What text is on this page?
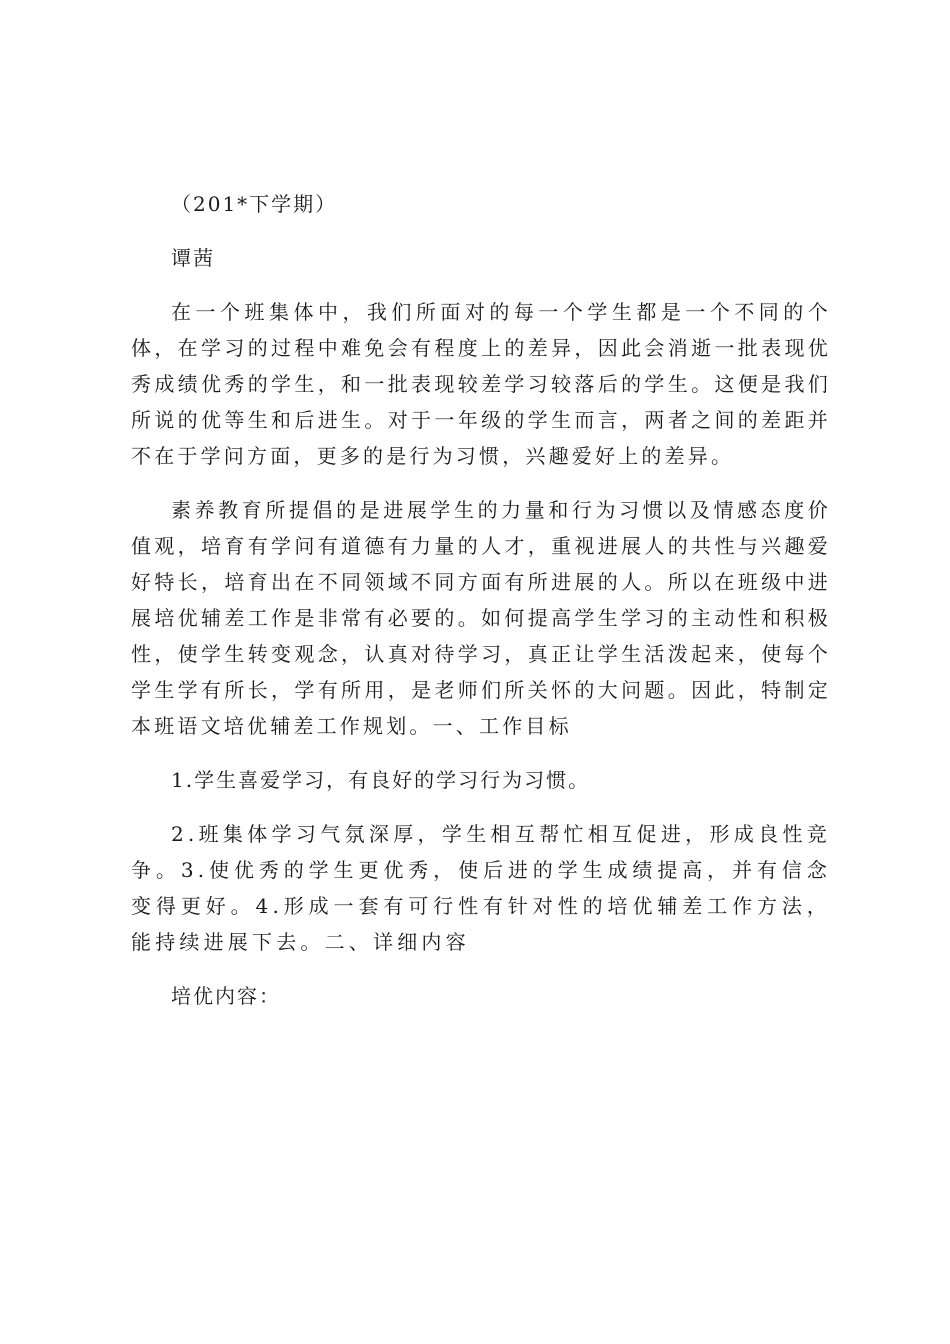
（201*下学期）

谭茜

在一个班集体中，我们所面对的每一个学生都是一个不同的个体，在学习的过程中难免会有程度上的差异，因此会消逝一批表现优秀成绩优秀的学生，和一批表现较差学习较落后的学生。这便是我们所说的优等生和后进生。对于一年级的学生而言，两者之间的差距并不在于学问方面，更多的是行为习惯，兴趣爱好上的差异。

素养教育所提倡的是进展学生的力量和行为习惯以及情感态度价值观，培育有学问有道德有力量的人才，重视进展人的共性与兴趣爱好特长，培育出在不同领域不同方面有所进展的人。所以在班级中进展培优辅差工作是非常有必要的。如何提高学生学习的主动性和积极性，使学生转变观念，认真对待学习，真正让学生活泼起来，使每个学生学有所长，学有所用，是老师们所关怀的大问题。因此，特制定本班语文培优辅差工作规划。一、工作目标

1.学生喜爱学习，有良好的学习行为习惯。

2.班集体学习气氛深厚，学生相互帮忙相互促进，形成良性竞争。3.使优秀的学生更优秀，使后进的学生成绩提高，并有信念变得更好。4.形成一套有可行性有针对性的培优辅差工作方法，能持续进展下去。二、详细内容

培优内容：
